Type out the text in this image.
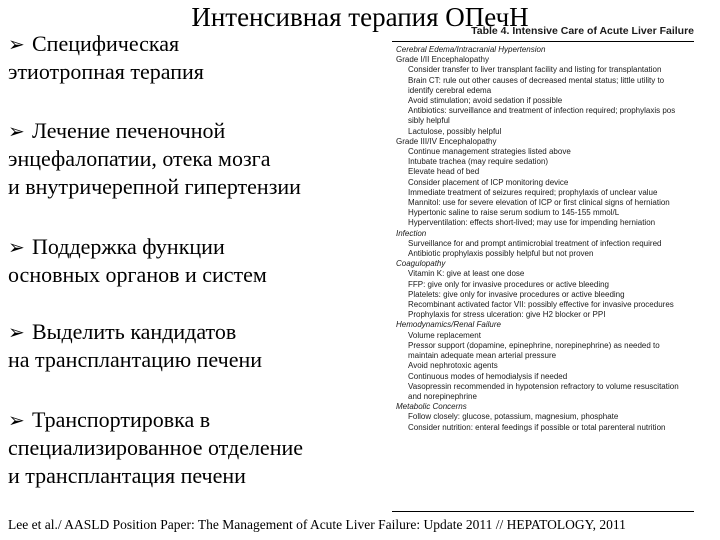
Интенсивная терапия ОПечН
➢ Специфическая
этиотропная терапия
➢ Лечение печеночной
энцефалопатии, отека мозга
и внутричерепной гипертензии
➢ Поддержка функции
основных органов и систем
➢ Выделить кандидатов
на трансплантацию печени
➢ Транспортировка в
специализированное отделение
и трансплантация печени
Table 4. Intensive Care of Acute Liver Failure
Cerebral Edema/Intracranial Hypertension
Grade I/II Encephalopathy
Consider transfer to liver transplant facility and listing for transplantation
Brain CT: rule out other causes of decreased mental status; little utility to
identify cerebral edema
Avoid stimulation; avoid sedation if possible
Antibiotics: surveillance and treatment of infection required; prophylaxis pos
sibly helpful
Lactulose, possibly helpful
Grade III/IV Encephalopathy
Continue management strategies listed above
Intubate trachea (may require sedation)
Elevate head of bed
Consider placement of ICP monitoring device
Immediate treatment of seizures required; prophylaxis of unclear value
Mannitol: use for severe elevation of ICP or first clinical signs of herniation
Hypertonic saline to raise serum sodium to 145-155 mmol/L
Hyperventilation: effects short-lived; may use for impending herniation
Infection
Surveillance for and prompt antimicrobial treatment of infection required
Antibiotic prophylaxis possibly helpful but not proven
Coagulopathy
Vitamin K: give at least one dose
FFP: give only for invasive procedures or active bleeding
Platelets: give only for invasive procedures or active bleeding
Recombinant activated factor VII: possibly effective for invasive procedures
Prophylaxis for stress ulceration: give H2 blocker or PPI
Hemodynamics/Renal Failure
Volume replacement
Pressor support (dopamine, epinephrine, norepinephrine) as needed to
maintain adequate mean arterial pressure
Avoid nephrotoxic agents
Continuous modes of hemodialysis if needed
Vasopressin recommended in hypotension refractory to volume resuscitation
and norepinephrine
Metabolic Concerns
Follow closely: glucose, potassium, magnesium, phosphate
Consider nutrition: enteral feedings if possible or total parenteral nutrition
Lee et al./ AASLD Position Paper: The Management of Acute Liver Failure: Update 2011 // HEPATOLOGY, 2011
